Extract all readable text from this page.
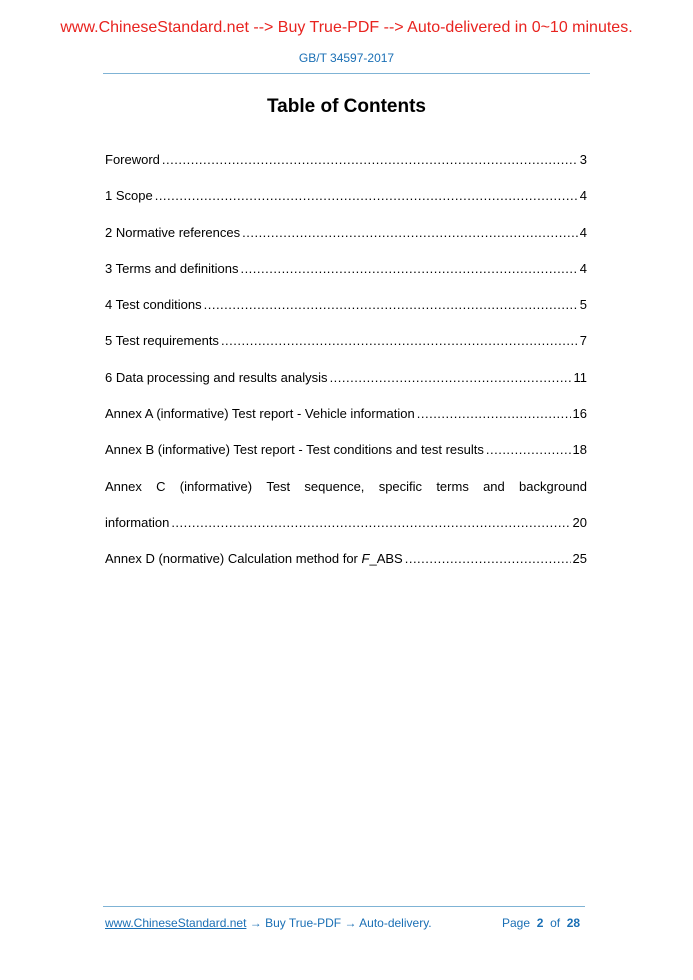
www.ChineseStandard.net --> Buy True-PDF --> Auto-delivered in 0~10 minutes.
GB/T 34597-2017
Table of Contents
Foreword .....	3
1 Scope .....	4
2 Normative references .....	4
3 Terms and definitions .....	4
4 Test conditions .....	5
5 Test requirements .....	7
6 Data processing and results analysis .....	11
Annex A (informative) Test report - Vehicle information .....	16
Annex B (informative) Test report - Test conditions and test results .....	18
Annex C (informative) Test sequence, specific terms and background
information .....	20
Annex D (normative) Calculation method for F_ABS .....	25
www.ChineseStandard.net → Buy True-PDF → Auto-delivery.	Page 2 of 28
